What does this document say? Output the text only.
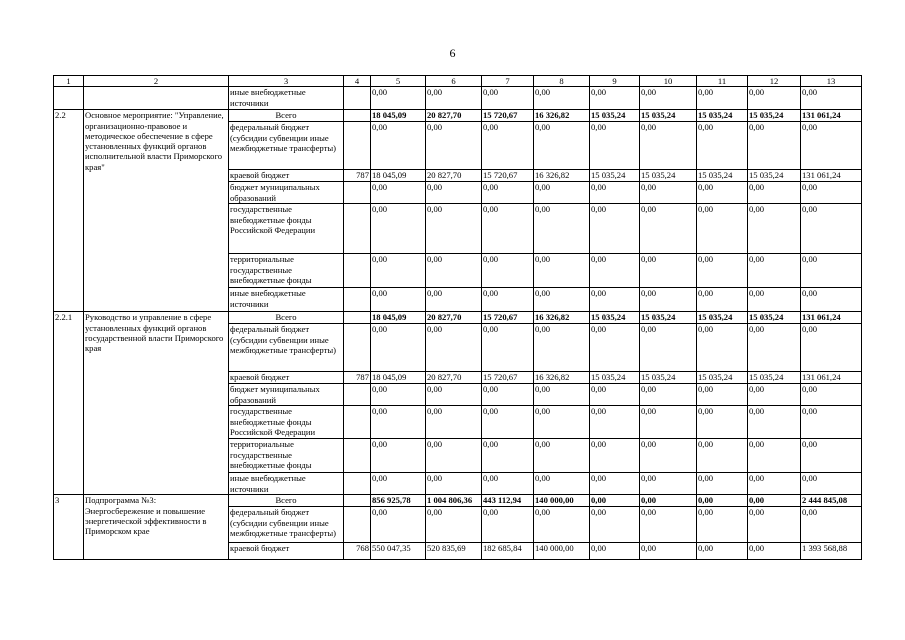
6
1	2	3	4	5	6	7	8	9	10	11	12	13
		иные внебюджетные источники		0,00	0,00	0,00	0,00	0,00	0,00	0,00	0,00	0,00
2.2	Основное мероприятие: "Управление, организационно-правовое и методическое обеспечение в сфере установленных функций органов исполнительной власти Приморского края"	Всего		18 045,09	20 827,70	15 720,67	16 326,82	15 035,24	15 035,24	15 035,24	15 035,24	131 061,24
		федеральный бюджет (субсидии субвенции иные межбюджетные трансферты)		0,00	0,00	0,00	0,00	0,00	0,00	0,00	0,00	0,00
		краевой бюджет	787	18 045,09	20 827,70	15 720,67	16 326,82	15 035,24	15 035,24	15 035,24	15 035,24	131 061,24
		бюджет муниципальных образований		0,00	0,00	0,00	0,00	0,00	0,00	0,00	0,00	0,00
		государственные внебюджетные фонды Российской Федерации		0,00	0,00	0,00	0,00	0,00	0,00	0,00	0,00	0,00
		территориальные государственные внебюджетные фонды		0,00	0,00	0,00	0,00	0,00	0,00	0,00	0,00	0,00
		иные внебюджетные источники		0,00	0,00	0,00	0,00	0,00	0,00	0,00	0,00	0,00
2.2.1	Руководство и управление в сфере установленных функций органов государственной власти Приморского края	Всего		18 045,09	20 827,70	15 720,67	16 326,82	15 035,24	15 035,24	15 035,24	15 035,24	131 061,24
		федеральный бюджет (субсидии субвенции иные межбюджетные трансферты)		0,00	0,00	0,00	0,00	0,00	0,00	0,00	0,00	0,00
		краевой бюджет	787	18 045,09	20 827,70	15 720,67	16 326,82	15 035,24	15 035,24	15 035,24	15 035,24	131 061,24
		бюджет муниципальных образований		0,00	0,00	0,00	0,00	0,00	0,00	0,00	0,00	0,00
		государственные внебюджетные фонды Российской Федерации		0,00	0,00	0,00	0,00	0,00	0,00	0,00	0,00	0,00
		территориальные государственные внебюджетные фонды		0,00	0,00	0,00	0,00	0,00	0,00	0,00	0,00	0,00
		иные внебюджетные источники		0,00	0,00	0,00	0,00	0,00	0,00	0,00	0,00	0,00
3	Подпрограмма №3: Энергосбережение и повышение энергетической эффективности в Приморском крае	Всего		856 925,78	1 004 806,36	443 112,94	140 000,00	0,00	0,00	0,00	0,00	2 444 845,08
		федеральный бюджет (субсидии субвенции иные межбюджетные трансферты)		0,00	0,00	0,00	0,00	0,00	0,00	0,00	0,00	0,00
		краевой бюджет	768	550 047,35	520 835,69	182 685,84	140 000,00	0,00	0,00	0,00	0,00	1 393 568,88
